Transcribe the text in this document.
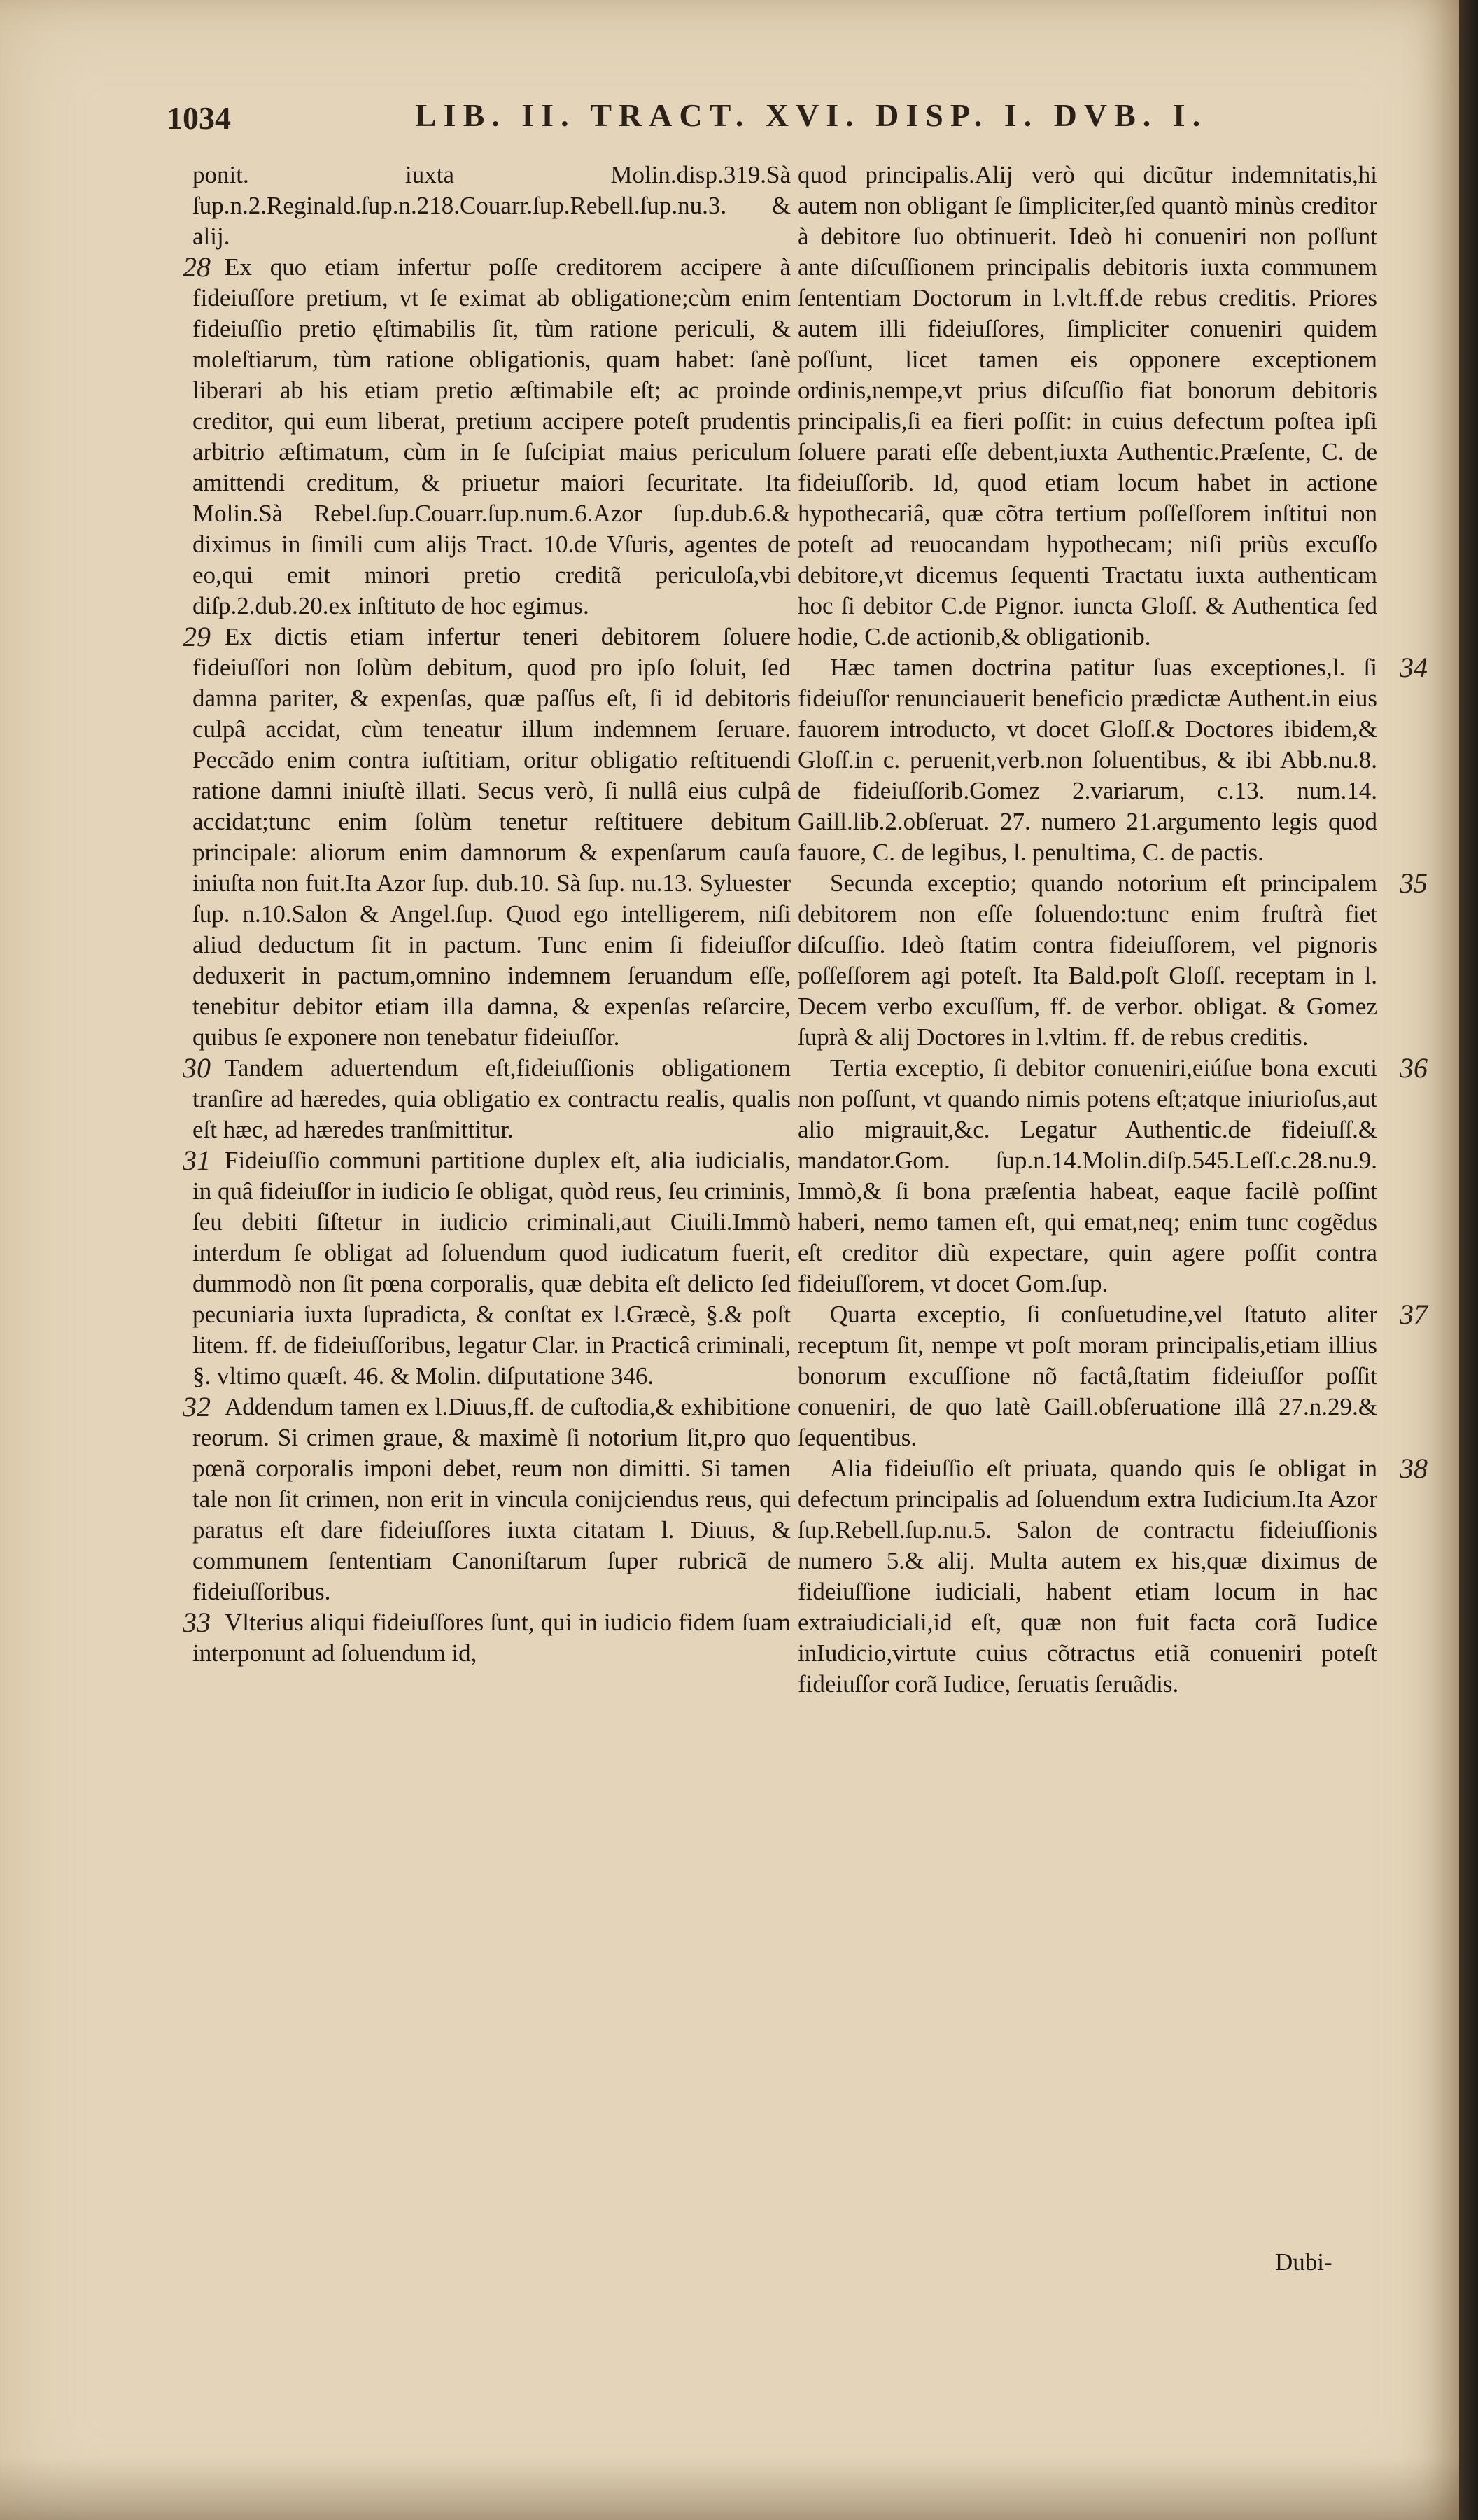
1034	LIB. II. TRACT. XVI. DISP. I. DVB. I.

ponit. iuxta Molin.disp.319.Sà ſup.n.2.Reginald.ſup.n.218.Couarr.ſup.Rebell.ſup.nu.3. & alij.

28 Ex quo etiam infertur poſſe creditorem accipere à fideiuſſore pretium, vt ſe eximat ab obligatione;cùm enim fideiuſſio pretio ęſtimabilis ſit, tùm ratione periculi, & moleſtiarum, tùm ratione obligationis, quam habet: ſanè liberari ab his etiam pretio æſtimabile eſt; ac proinde creditor, qui eum liberat, pretium accipere poteſt prudentis arbitrio æſtimatum, cùm in ſe ſuſcipiat maius periculum amittendi creditum, & priuetur maiori ſecuritate. Ita Molin.Sà Rebel.ſup.Couarr.ſup.num.6.Azor ſup.dub.6.& diximus in ſimili cum alijs Tract. 10.de Vſuris, agentes de eo,qui emit minori pretio creditã periculoſa,vbi diſp.2.dub.20.ex inſtituto de hoc egimus.

29 Ex dictis etiam infertur teneri debitorem ſoluere fideiuſſori non ſolùm debitum, quod pro ipſo ſoluit, ſed damna pariter, & expenſas, quæ paſſus eſt, ſi id debitoris culpâ accidat, cùm teneatur illum indemnem ſeruare. Peccãdo enim contra iuſtitiam, oritur obligatio reſtituendi ratione damni iniuſtè illati. Secus verò, ſi nullâ eius culpâ accidat;tunc enim ſolùm tenetur reſtituere debitum principale: aliorum enim damnorum & expenſarum cauſa iniuſta non fuit.Ita Azor ſup. dub.10. Sà ſup. nu.13. Syluester ſup. n.10.Salon & Angel.ſup. Quod ego intelligerem, niſi aliud deductum ſit in pactum. Tunc enim ſi fideiuſſor deduxerit in pactum,omnino indemnem ſeruandum eſſe, tenebitur debitor etiam illa damna, & expenſas reſarcire, quibus ſe exponere non tenebatur fideiuſſor.

30 Tandem aduertendum eſt,fideiuſſionis obligationem tranſire ad hæredes, quia obligatio ex contractu realis, qualis eſt hæc, ad hæredes tranſmittitur.

31 Fideiuſſio communi partitione duplex eſt, alia iudicialis, in quâ fideiuſſor in iudicio ſe obligat, quòd reus, ſeu criminis, ſeu debiti ſiſtetur in iudicio criminali,aut Ciuili.Immò interdum ſe obligat ad ſoluendum quod iudicatum fuerit, dummodò non ſit pœna corporalis, quæ debita eſt delicto ſed pecuniaria iuxta ſupradicta, & conſtat ex l.Græcè, §.& poſt litem. ff. de fideiuſſoribus, legatur Clar. in Practicâ criminali, §. vltimo quæſt. 46. & Molin. diſputatione 346.

32 Addendum tamen ex l.Diuus,ff. de cuſtodia,& exhibitione reorum. Si crimen graue, & maximè ſi notorium ſit,pro quo pœnã corporalis imponi debet, reum non dimitti. Si tamen tale non ſit crimen, non erit in vincula conijciendus reus, qui paratus eſt dare fideiuſſores iuxta citatam l. Diuus, & communem ſententiam Canoniſtarum ſuper rubricã de fideiuſſoribus.

33 Vlterius aliqui fideiuſſores ſunt, qui in iudicio fidem ſuam interponunt ad ſoluendum id,

quod principalis.Alij verò qui dicũtur indemnitatis,hi autem non obligant ſe ſimpliciter,ſed quantò minùs creditor à debitore ſuo obtinuerit. Ideò hi conueniri non poſſunt ante diſcuſſionem principalis debitoris iuxta communem ſententiam Doctorum in l.vlt.ff.de rebus creditis. Priores autem illi fideiuſſores, ſimpliciter conueniri quidem poſſunt, licet tamen eis opponere exceptionem ordinis,nempe,vt prius diſcuſſio fiat bonorum debitoris principalis,ſi ea fieri poſſit: in cuius defectum poſtea ipſi ſoluere parati eſſe debent,iuxta Authentic.Præſente, C. de fideiuſſorib. Id, quod etiam locum habet in actione hypothecariâ, quæ cõtra tertium poſſeſſorem inſtitui non poteſt ad reuocandam hypothecam; niſi priùs excuſſo debitore,vt dicemus ſequenti Tractatu iuxta authenticam hoc ſi debitor C.de Pignor. iuncta Gloſſ. & Authentica ſed hodie, C.de actionib,& obligationib.

34
Hæc tamen doctrina patitur ſuas exceptiones,l. ſi fideiuſſor renunciauerit beneficio prædictæ Authent.in eius fauorem introducto, vt docet Gloſſ.& Doctores ibidem,& Gloſſ.in c. peruenit,verb.non ſoluentibus, & ibi Abb.nu.8. de fideiuſſorib.Gomez 2.variarum, c.13. num.14. Gaill.lib.2.obſeruat. 27. numero 21.argumento legis quod fauore, C. de legibus, l. penultima, C. de pactis.

35
Secunda exceptio; quando notorium eſt principalem debitorem non eſſe ſoluendo:tunc enim fruſtrà fiet diſcuſſio. Ideò ſtatim contra fideiuſſorem, vel pignoris poſſeſſorem agi poteſt. Ita Bald.poſt Gloſſ. receptam in l. Decem verbo excuſſum, ff. de verbor. obligat. & Gomez ſuprà & alij Doctores in l.vltim. ff. de rebus creditis.

36
Tertia exceptio, ſi debitor conueniri,eiúſue bona excuti non poſſunt, vt quando nimis potens eſt;atque iniurioſus,aut alio migrauit,&c. Legatur Authentic.de fideiuſſ.& mandator.Gom. ſup.n.14.Molin.diſp.545.Leſſ.c.28.nu.9. Immò,& ſi bona præſentia habeat, eaque facilè poſſint haberi, nemo tamen eſt, qui emat,neq; enim tunc cogẽdus eſt creditor diù expectare, quin agere poſſit contra fideiuſſorem, vt docet Gom.ſup.

37
Quarta exceptio, ſi conſuetudine,vel ſtatuto aliter receptum ſit, nempe vt poſt moram principalis,etiam illius bonorum excuſſione nõ factâ,ſtatim fideiuſſor poſſit conueniri, de quo latè Gaill.obſeruatione illâ 27.n.29.& ſequentibus.

38
Alia fideiuſſio eſt priuata, quando quis ſe obligat in defectum principalis ad ſoluendum extra Iudicium.Ita Azor ſup.Rebell.ſup.nu.5. Salon de contractu fideiuſſionis numero 5.& alij. Multa autem ex his,quæ diximus de fideiuſſione iudiciali, habent etiam locum in hac extraiudiciali,id eſt, quæ non fuit facta corã Iudice inIudicio,virtute cuius cõtractus etiã conueniri poteſt fideiuſſor corã Iudice, ſeruatis ſeruãdis.

Dubi-
